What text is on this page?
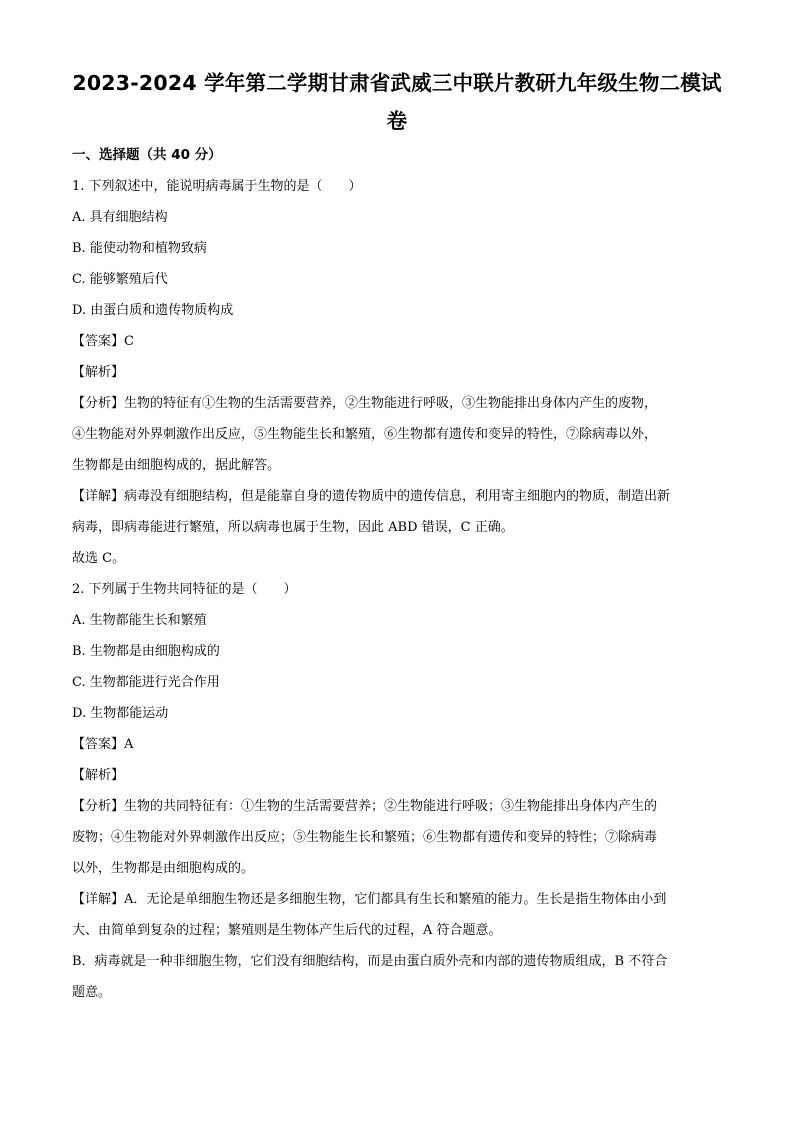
2023-2024 学年第二学期甘肃省武威三中联片教研九年级生物二模试
卷
一、选择题（共 40 分）
1. 下列叙述中，能说明病毒属于生物的是（　　）
A. 具有细胞结构
B. 能使动物和植物致病
C. 能够繁殖后代
D. 由蛋白质和遗传物质构成
【答案】C
【解析】
【分析】生物的特征有①生物的生活需要营养，②生物能进行呼吸，③生物能排出身体内产生的废物，
④生物能对外界刺激作出反应，⑤生物能生长和繁殖，⑥生物都有遗传和变异的特性，⑦除病毒以外，
生物都是由细胞构成的，据此解答。
【详解】病毒没有细胞结构，但是能靠自身的遗传物质中的遗传信息，利用寄主细胞内的物质，制造出新
病毒，即病毒能进行繁殖，所以病毒也属于生物，因此 ABD 错误，C 正确。
故选 C。
2. 下列属于生物共同特征的是（　　）
A. 生物都能生长和繁殖
B. 生物都是由细胞构成的
C. 生物都能进行光合作用
D. 生物都能运动
【答案】A
【解析】
【分析】生物的共同特征有：①生物的生活需要营养；②生物能进行呼吸；③生物能排出身体内产生的
废物；④生物能对外界刺激作出反应；⑤生物能生长和繁殖；⑥生物都有遗传和变异的特性；⑦除病毒
以外，生物都是由细胞构成的。
【详解】A．无论是单细胞生物还是多细胞生物，它们都具有生长和繁殖的能力。生长是指生物体由小到
大、由简单到复杂的过程；繁殖则是生物体产生后代的过程，A 符合题意。
B．病毒就是一种非细胞生物，它们没有细胞结构，而是由蛋白质外壳和内部的遗传物质组成，B 不符合
题意。
